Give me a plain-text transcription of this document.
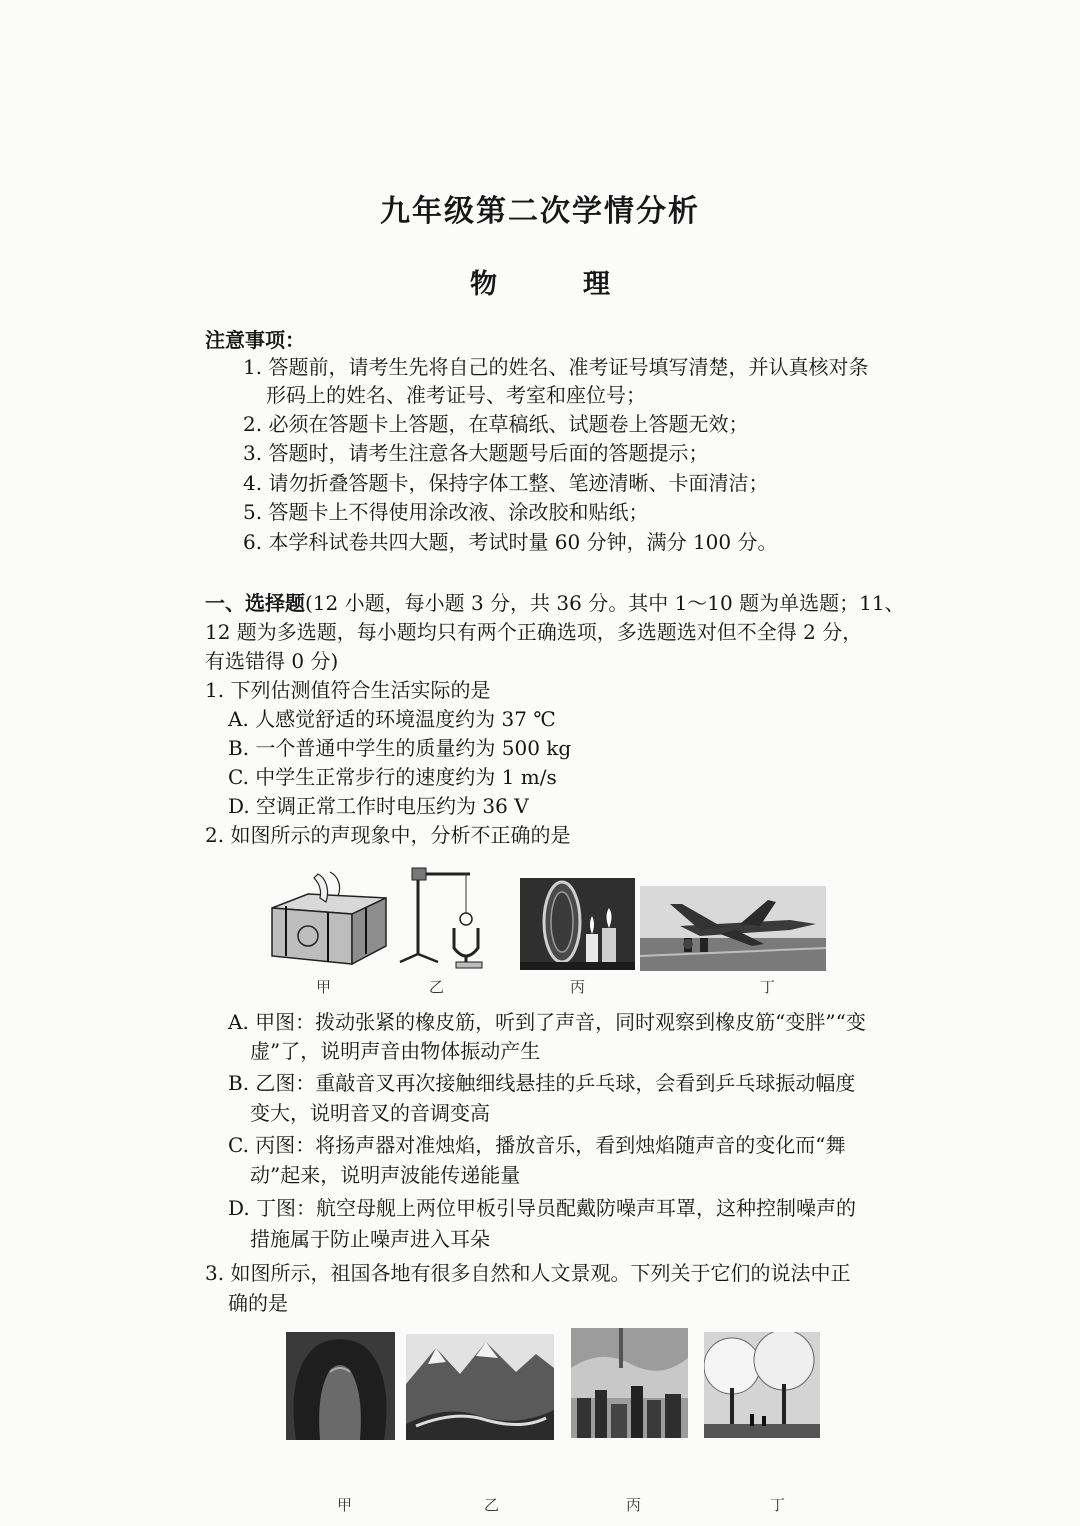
九年级第二次学情分析
物	理
注意事项：
1. 答题前，请考生先将自己的姓名、准考证号填写清楚，并认真核对条
形码上的姓名、准考证号、考室和座位号；
2. 必须在答题卡上答题，在草稿纸、试题卷上答题无效；
3. 答题时，请考生注意各大题题号后面的答题提示；
4. 请勿折叠答题卡，保持字体工整、笔迹清晰、卡面清洁；
5. 答题卡上不得使用涂改液、涂改胶和贴纸；
6. 本学科试卷共四大题，考试时量 60 分钟，满分 100 分。
一、选择题(12 小题，每小题 3 分，共 36 分。其中 1～10 题为单选题；11、
12 题为多选题，每小题均只有两个正确选项，多选题选对但不全得 2 分，
有选错得 0 分)
1. 下列估测值符合生活实际的是
A. 人感觉舒适的环境温度约为 37 ℃
B. 一个普通中学生的质量约为 500 kg
C. 中学生正常步行的速度约为 1 m/s
D. 空调正常工作时电压约为 36 V
2. 如图所示的声现象中，分析不正确的是
甲	乙	丙	丁
A. 甲图：拨动张紧的橡皮筋，听到了声音，同时观察到橡皮筋“变胖”“变
虚”了，说明声音由物体振动产生
B. 乙图：重敲音叉再次接触细线悬挂的乒乓球，会看到乒乓球振动幅度
变大，说明音叉的音调变高
C. 丙图：将扬声器对准烛焰，播放音乐，看到烛焰随声音的变化而“舞
动”起来，说明声波能传递能量
D. 丁图：航空母舰上两位甲板引导员配戴防噪声耳罩，这种控制噪声的
措施属于防止噪声进入耳朵
3. 如图所示，祖国各地有很多自然和人文景观。下列关于它们的说法中正
确的是
甲	乙	丙	丁
